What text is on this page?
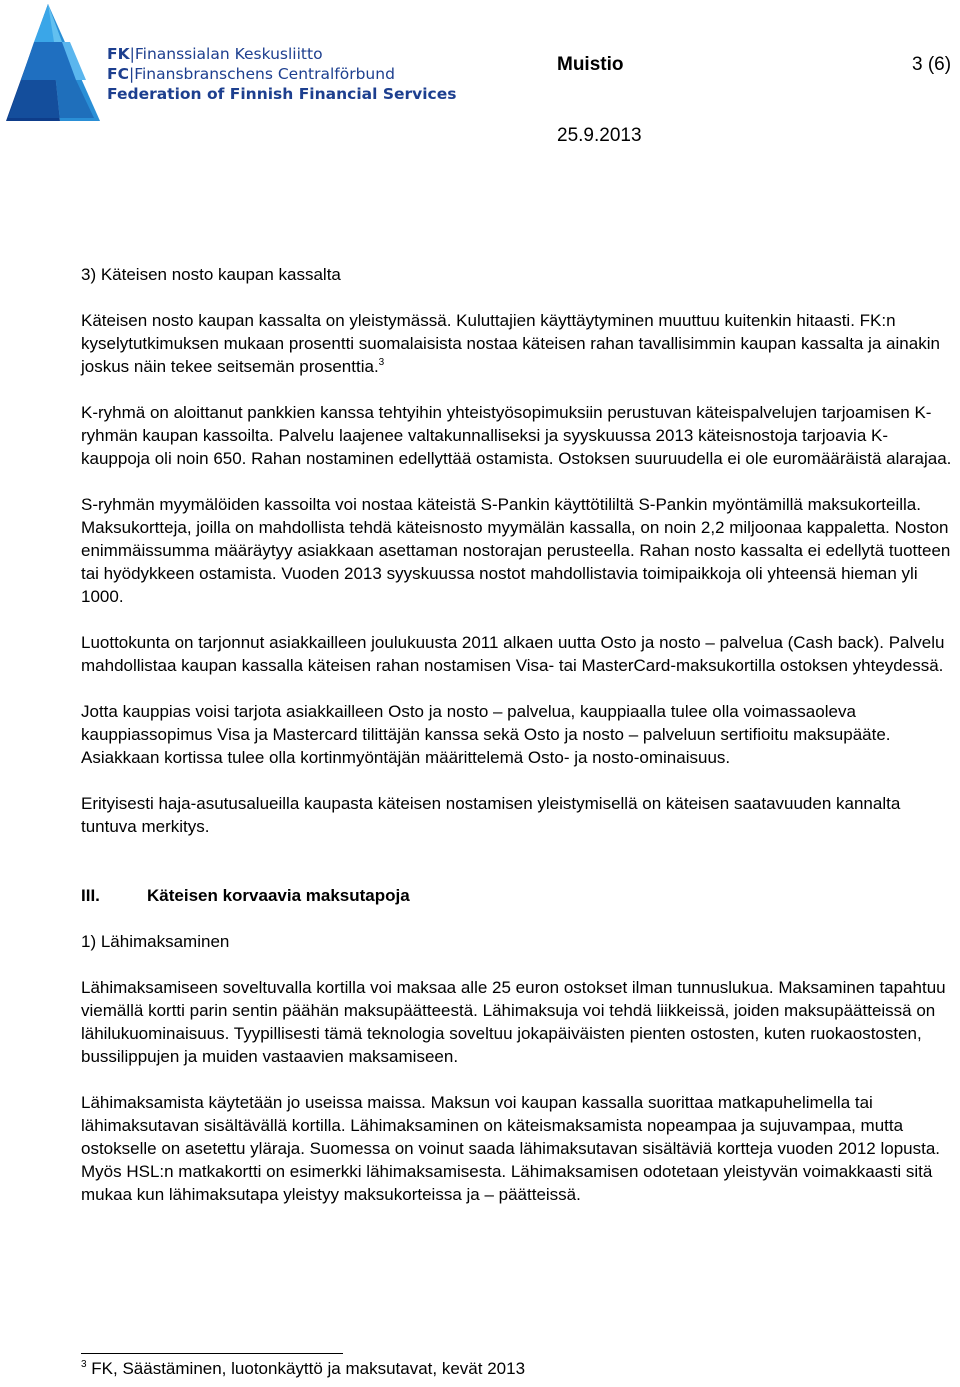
FK|Finanssialan Keskusliitto
FC|Finansbranschens Centralförbund
Federation of Finnish Financial Services
Muistio	3 (6)
25.9.2013
3) Käteisen nosto kaupan kassalta

Käteisen nosto kaupan kassalta on yleistymässä. Kuluttajien käyttäytyminen muuttuu kuitenkin hitaasti. FK:n kyselytutkimuksen mukaan prosentti suomalaisista nostaa käteisen rahan tavallisimmin kaupan kassalta ja ainakin joskus näin tekee seitsemän prosenttia.$^3$

K-ryhmä on aloittanut pankkien kanssa tehtyihin yhteistyösopimuksiin perustuvan käteispalvelujen tarjoamisen K-ryhmän kaupan kassoilta. Palvelu laajenee valtakunnalliseksi ja syyskuussa 2013 käteisnostoja tarjoavia K-kauppoja oli noin 650. Rahan nostaminen edellyttää ostamista. Ostoksen suuruudella ei ole euromääräistä alarajaa.

S-ryhmän myymälöiden kassoilta voi nostaa käteistä S-Pankin käyttötililtä S-Pankin myöntämillä maksukorteilla. Maksukortteja, joilla on mahdollista tehdä käteisnosto myymälän kassalla, on noin 2,2 miljoonaa kappaletta. Noston enimmäissumma määräytyy asiakkaan asettaman nostorajan perusteella. Rahan nosto kassalta ei edellytä tuotteen tai hyödykkeen ostamista. Vuoden 2013 syyskuussa nostot mahdollistavia toimipaikkoja oli yhteensä hieman yli 1000.

Luottokunta on tarjonnut asiakkailleen joulukuusta 2011 alkaen uutta Osto ja nosto – palvelua (Cash back). Palvelu mahdollistaa kaupan kassalla käteisen rahan nostamisen Visa- tai MasterCard-maksukortilla ostoksen yhteydessä.

Jotta kauppias voisi tarjota asiakkailleen Osto ja nosto – palvelua, kauppiaalla tulee olla voimassaoleva kauppiassopimus Visa ja Mastercard tilittäjän kanssa sekä Osto ja nosto – palveluun sertifioitu maksupääte. Asiakkaan kortissa tulee olla kortinmyöntäjän määrittelemä Osto- ja nosto-ominaisuus.

Erityisesti haja-asutusalueilla kaupasta käteisen nostamisen yleistymisellä on käteisen saatavuuden kannalta tuntuva merkitys.

III.	Käteisen korvaavia maksutapoja
1) Lähimaksaminen

Lähimaksamiseen soveltuvalla kortilla voi maksaa alle 25 euron ostokset ilman tunnuslukua. Maksaminen tapahtuu viemällä kortti parin sentin päähän maksupäätteestä. Lähimaksuja voi tehdä liikkeissä, joiden maksupäätteissä on lähilukuominaisuus. Tyypillisesti tämä teknologia soveltuu jokapäiväisten pienten ostosten, kuten ruokaostosten, bussilippujen ja muiden vastaavien maksamiseen.

Lähimaksamista käytetään jo useissa maissa. Maksun voi kaupan kassalla suorittaa matkapuhelimella tai lähimaksutavan sisältävällä kortilla. Lähimaksaminen on käteismaksamista nopeampaa ja sujuvampaa, mutta ostokselle on asetettu yläraja. Suomessa on voinut saada lähimaksutavan sisältäviä kortteja vuoden 2012 lopusta. Myös HSL:n matkakortti on esimerkki lähimaksamisesta. Lähimaksamisen odotetaan yleistyvän voimakkaasti sitä mukaa kun lähimaksutapa yleistyy maksukorteissa ja – päätteissä.

$^3$ FK, Säästäminen, luotonkäyttö ja maksutavat, kevät 2013
